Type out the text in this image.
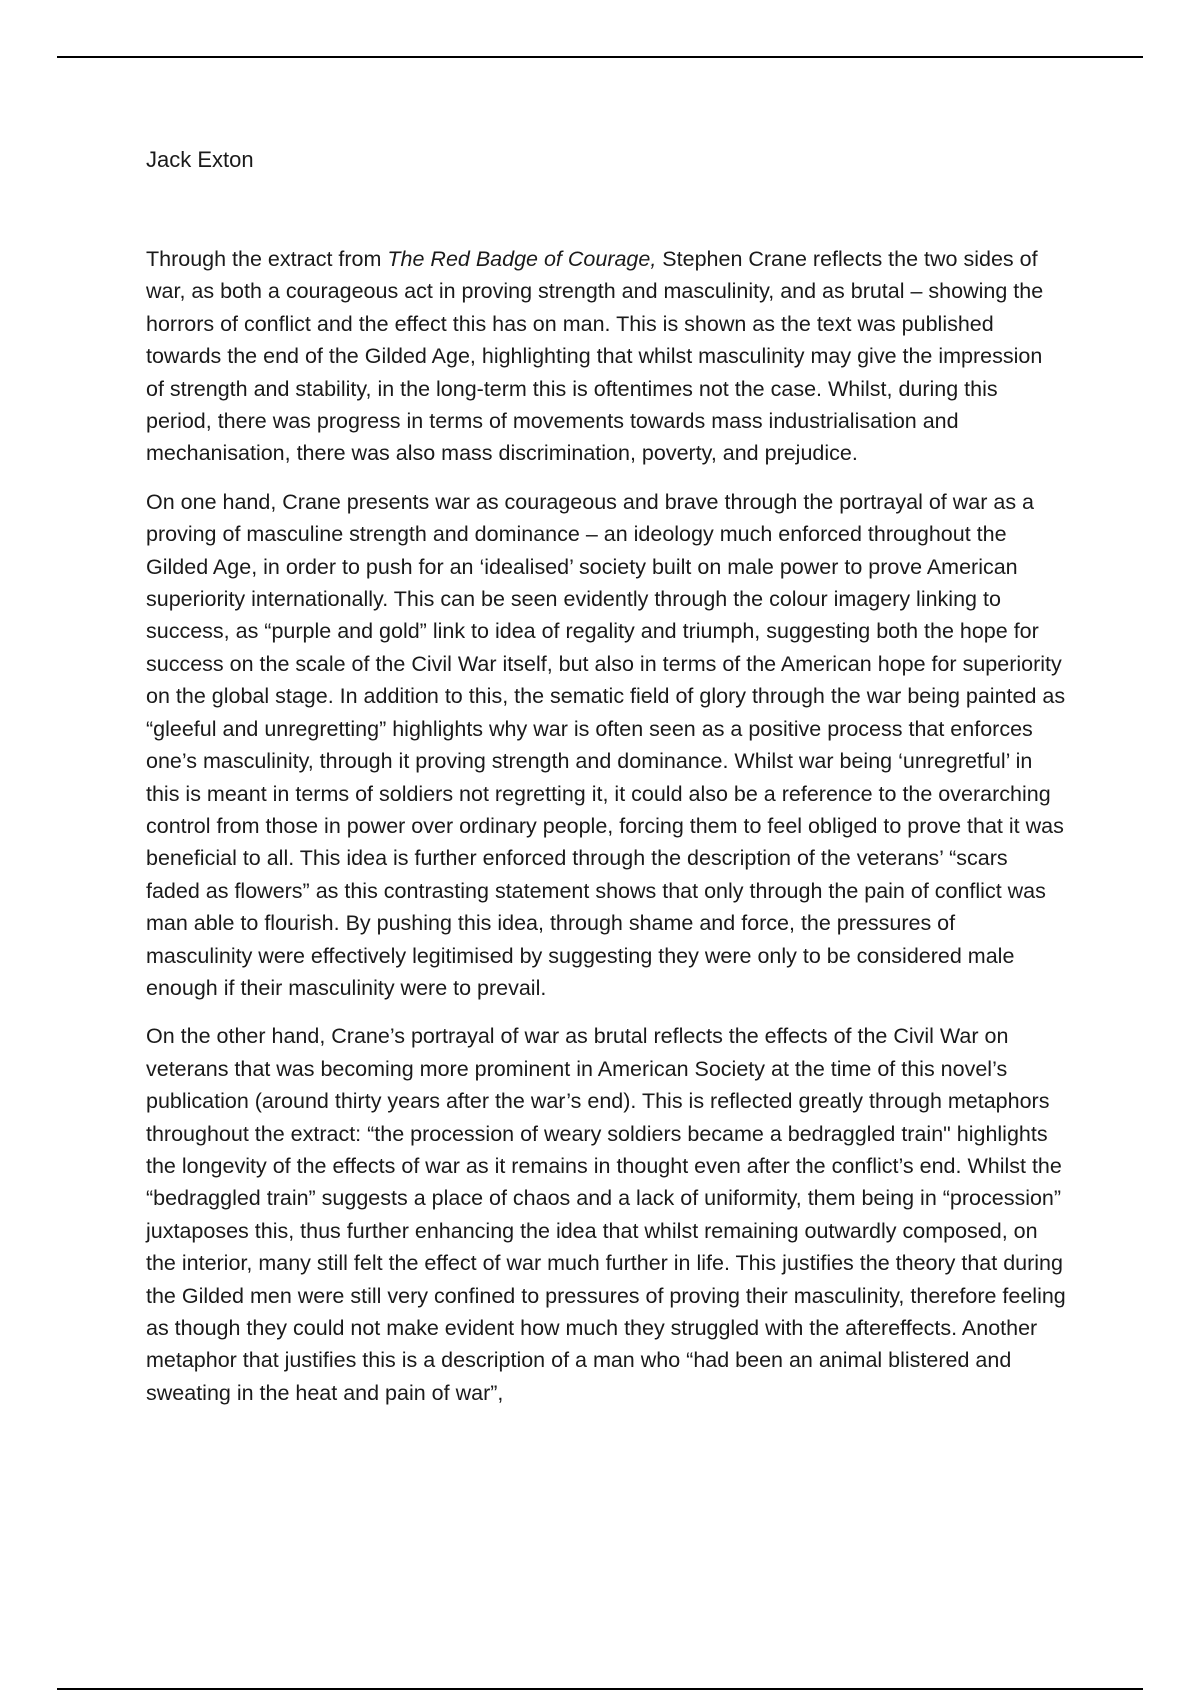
Jack Exton

Through the extract from The Red Badge of Courage, Stephen Crane reflects the two sides of war, as both a courageous act in proving strength and masculinity, and as brutal – showing the horrors of conflict and the effect this has on man. This is shown as the text was published towards the end of the Gilded Age, highlighting that whilst masculinity may give the impression of strength and stability, in the long-term this is oftentimes not the case. Whilst, during this period, there was progress in terms of movements towards mass industrialisation and mechanisation, there was also mass discrimination, poverty, and prejudice.

On one hand, Crane presents war as courageous and brave through the portrayal of war as a proving of masculine strength and dominance – an ideology much enforced throughout the Gilded Age, in order to push for an ‘idealised’ society built on male power to prove American superiority internationally. This can be seen evidently through the colour imagery linking to success, as “purple and gold” link to idea of regality and triumph, suggesting both the hope for success on the scale of the Civil War itself, but also in terms of the American hope for superiority on the global stage. In addition to this, the sematic field of glory through the war being painted as “gleeful and unregretting” highlights why war is often seen as a positive process that enforces one’s masculinity, through it proving strength and dominance. Whilst war being ‘unregretful’ in this is meant in terms of soldiers not regretting it, it could also be a reference to the overarching control from those in power over ordinary people, forcing them to feel obliged to prove that it was beneficial to all. This idea is further enforced through the description of the veterans’ “scars faded as flowers” as this contrasting statement shows that only through the pain of conflict was man able to flourish. By pushing this idea, through shame and force, the pressures of masculinity were effectively legitimised by suggesting they were only to be considered male enough if their masculinity were to prevail.

On the other hand, Crane’s portrayal of war as brutal reflects the effects of the Civil War on veterans that was becoming more prominent in American Society at the time of this novel’s publication (around thirty years after the war’s end). This is reflected greatly through metaphors throughout the extract: “the procession of weary soldiers became a bedraggled train" highlights the longevity of the effects of war as it remains in thought even after the conflict’s end. Whilst the “bedraggled train” suggests a place of chaos and a lack of uniformity, them being in “procession” juxtaposes this, thus further enhancing the idea that whilst remaining outwardly composed, on the interior, many still felt the effect of war much further in life. This justifies the theory that during the Gilded men were still very confined to pressures of proving their masculinity, therefore feeling as though they could not make evident how much they struggled with the aftereffects. Another metaphor that justifies this is a description of a man who “had been an animal blistered and sweating in the heat and pain of war”,
